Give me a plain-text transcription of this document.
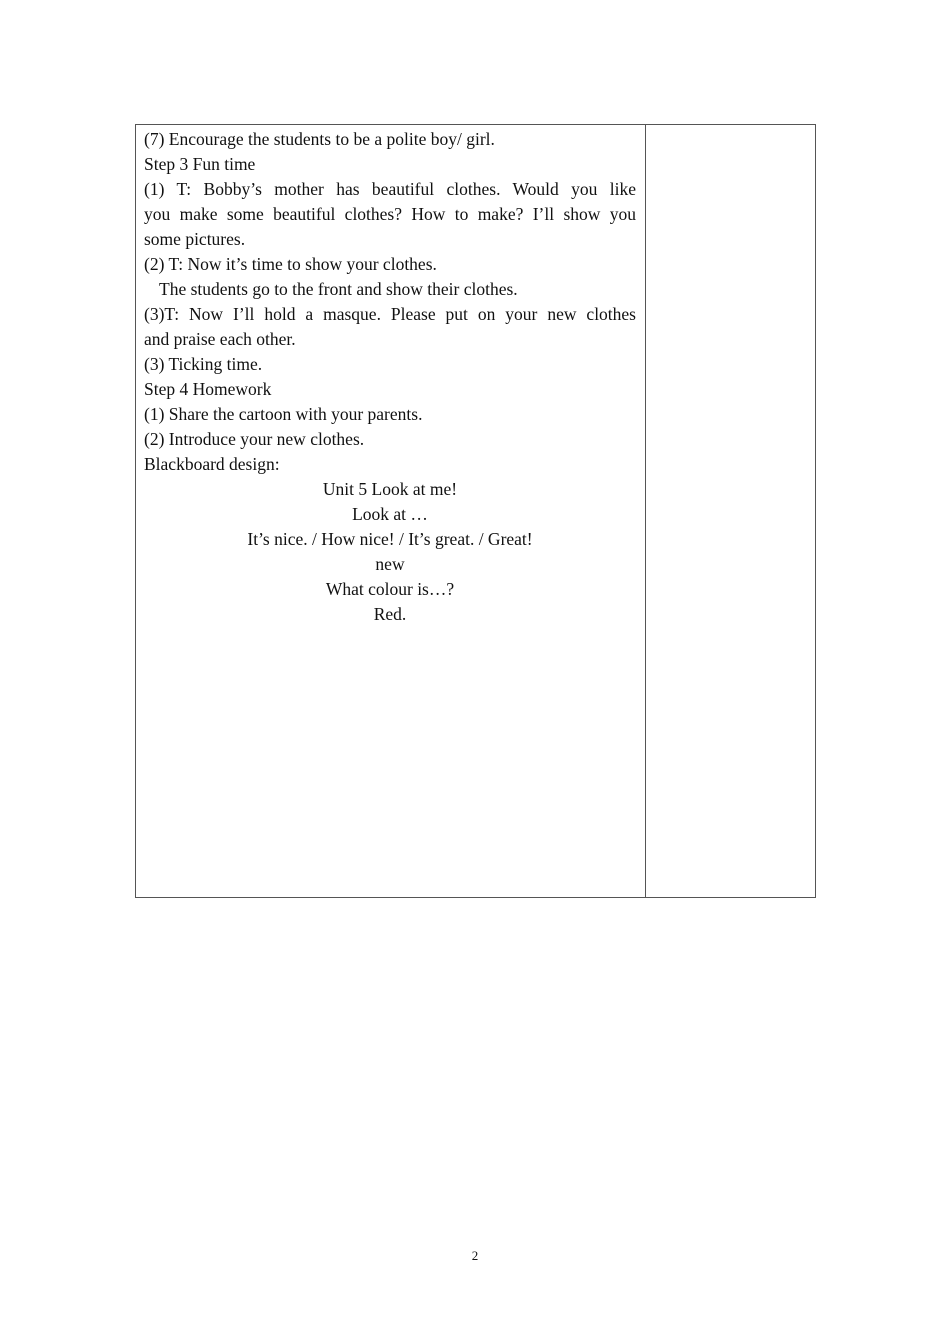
(7) Encourage the students to be a polite boy/ girl.
Step 3 Fun time
(1) T: Bobby’s mother has beautiful clothes. Would you like
you make some beautiful clothes? How to make? I’ll show you
some pictures.
(2) T: Now it’s time to show your clothes.
The students go to the front and show their clothes.
(3)T: Now I’ll hold a masque. Please put on your new clothes
and praise each other.
(3) Ticking time.
Step 4 Homework
(1) Share the cartoon with your parents.
(2) Introduce your new clothes.
Blackboard design:
Unit 5 Look at me!
Look at …
It’s nice. / How nice! / It’s great. / Great!
new
What colour is…?
Red.
2
